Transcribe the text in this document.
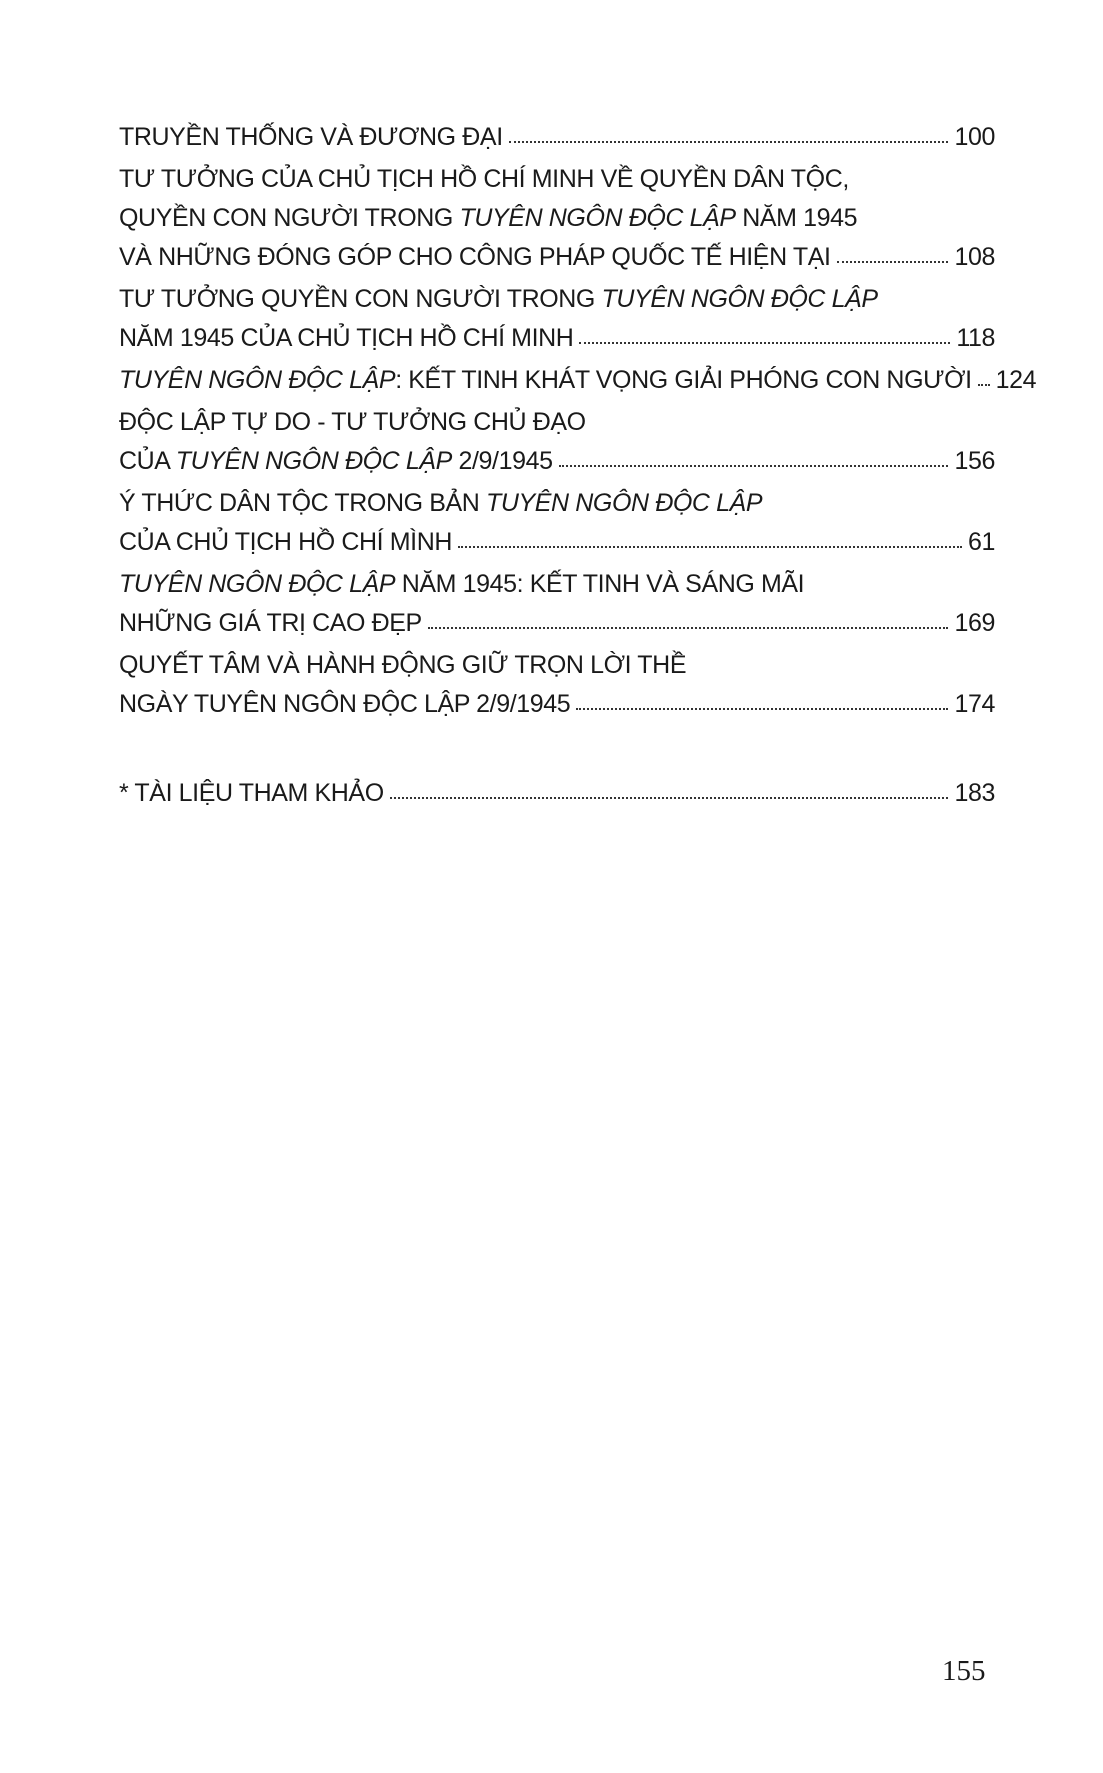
TRUYỀN THỐNG VÀ ĐƯƠNG ĐẠI	100
TƯ TƯỞNG CỦA CHỦ TỊCH HỒ CHÍ MINH VỀ QUYỀN DÂN TỘC,
QUYỀN CON NGƯỜI TRONG TUYÊN NGÔN ĐỘC LẬP NĂM 1945
VÀ NHỮNG ĐÓNG GÓP CHO CÔNG PHÁP QUỐC TẾ HIỆN TẠI	108
TƯ TƯỞNG QUYỀN CON NGƯỜI TRONG TUYÊN NGÔN ĐỘC LẬP
NĂM 1945 CỦA CHỦ TỊCH HỒ CHÍ MINH	118
TUYÊN NGÔN ĐỘC LẬP: KẾT TINH KHÁT VỌNG GIẢI PHÓNG CON NGƯỜI 124
ĐỘC LẬP TỰ DO - TƯ TƯỞNG CHỦ ĐẠO
CỦA TUYÊN NGÔN ĐỘC LẬP 2/9/1945	156
Ý THỨC DÂN TỘC TRONG BẢN TUYÊN NGÔN ĐỘC LẬP
CỦA CHỦ TỊCH HỒ CHÍ MÌNH	61
TUYÊN NGÔN ĐỘC LẬP NĂM 1945: KẾT TINH VÀ SÁNG MÃI
NHỮNG GIÁ TRỊ CAO ĐẸP	169
QUYẾT TÂM VÀ HÀNH ĐỘNG GIỮ TRỌN LỜI THỀ
NGÀY TUYÊN NGÔN ĐỘC LẬP 2/9/1945	174
* TÀI LIỆU THAM KHẢO	183
155
